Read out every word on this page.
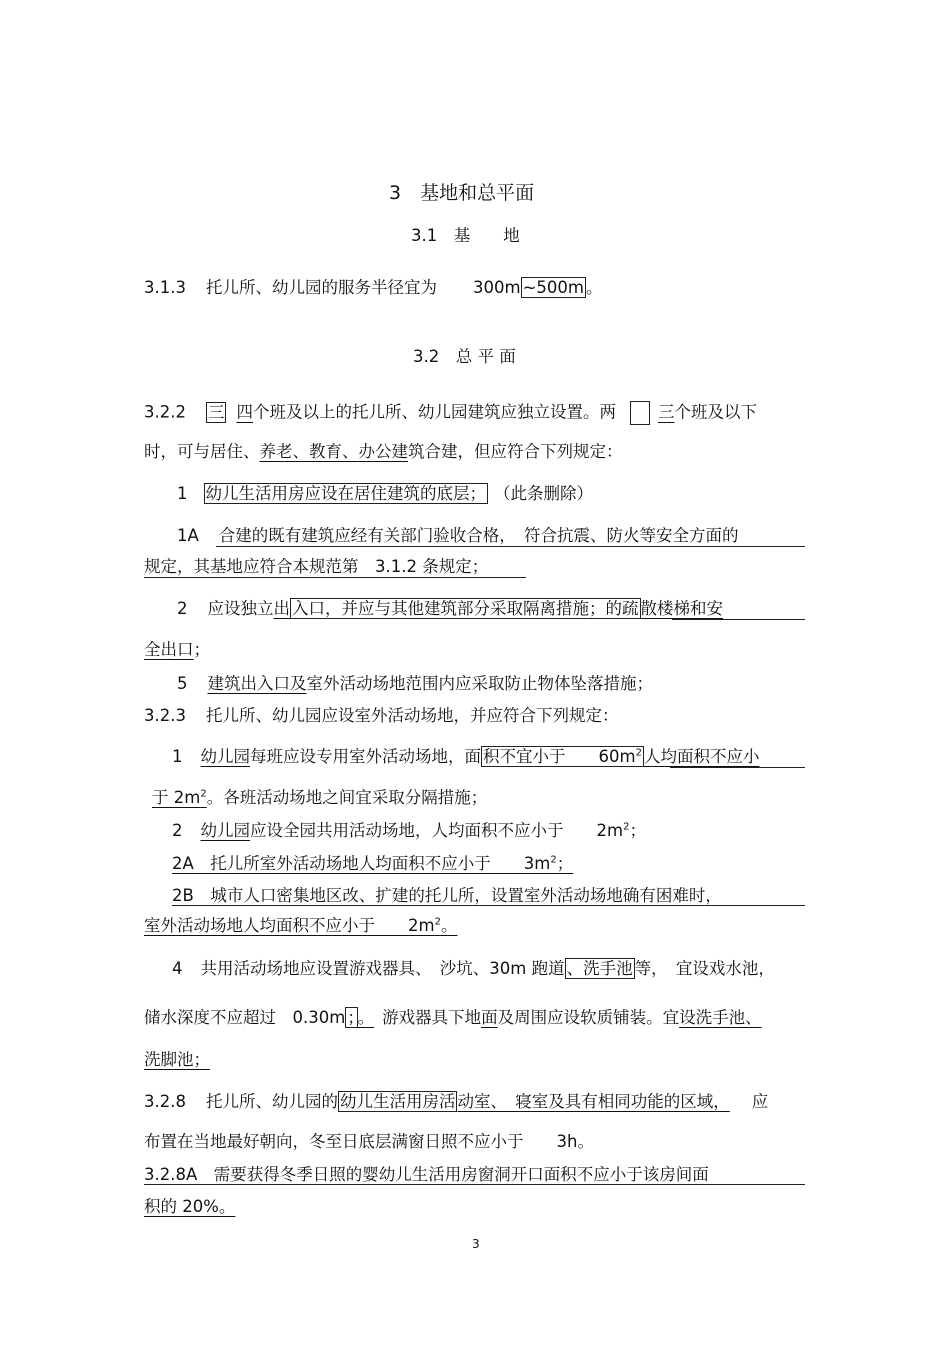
3　基地和总平面
3.1　基　　地
3.1.3 托儿所、幼儿园的服务半径宜为 300m ~500m 。
3.2　总 平 面
3.2.2 三 四个班及以上的托儿所、幼儿园建筑应独立设置。两	三个班及以下
时，可与居住、养老、教育、办公建筑合建，但应符合下列规定：
1 幼儿生活用房应设在居住建筑的底层； （此条删除）
1A 合建的既有建筑应经有关部门验收合格，　符合抗震、防火等安全方面的
规定，其基地应符合本规范第　3.1.2 条规定；
2 应设独立出 入口，并应与其他建筑部分采取隔离措施；的疏 散楼梯和安
全出口；
5 建筑出入口及室外活动场地范围内应采取防止物体坠落措施；
3.2.3 托儿所、幼儿园应设室外活动场地，并应符合下列规定：
1 幼儿园每班应设专用室外活动场地，面 积不宜小于　　$60m^2$ 人均面积不应小
于 $2m^2$。各班活动场地之间宜采取分隔措施；
2 幼儿园应设全园共用活动场地，人均面积不应小于　　$2m^2$；
2A　托儿所室外活动场地人均面积不应小于　　$3m^2$；
2B　城市人口密集地区改、扩建的托儿所，设置室外活动场地确有困难时，
室外活动场地人均面积不应小于　　$2m^2$。
4 共用活动场地应设置游戏器具、　沙坑、30m 跑道 、洗手池 等，　宜设戏水池，
储水深度不应超过　0.30m ； 。 游戏器具下地面及周围应设软质铺装。宜设洗手池、
洗脚池；
3.2.8 托儿所、幼儿园的 幼儿生活用房活 动室、　寝室及具有相同功能的区域， 应
布置在当地最好朝向，冬至日底层满窗日照不应小于　　3h。
3.2.8A　需要获得冬季日照的婴幼儿生活用房窗洞开口面积不应小于该房间面
积的 20%。
3
